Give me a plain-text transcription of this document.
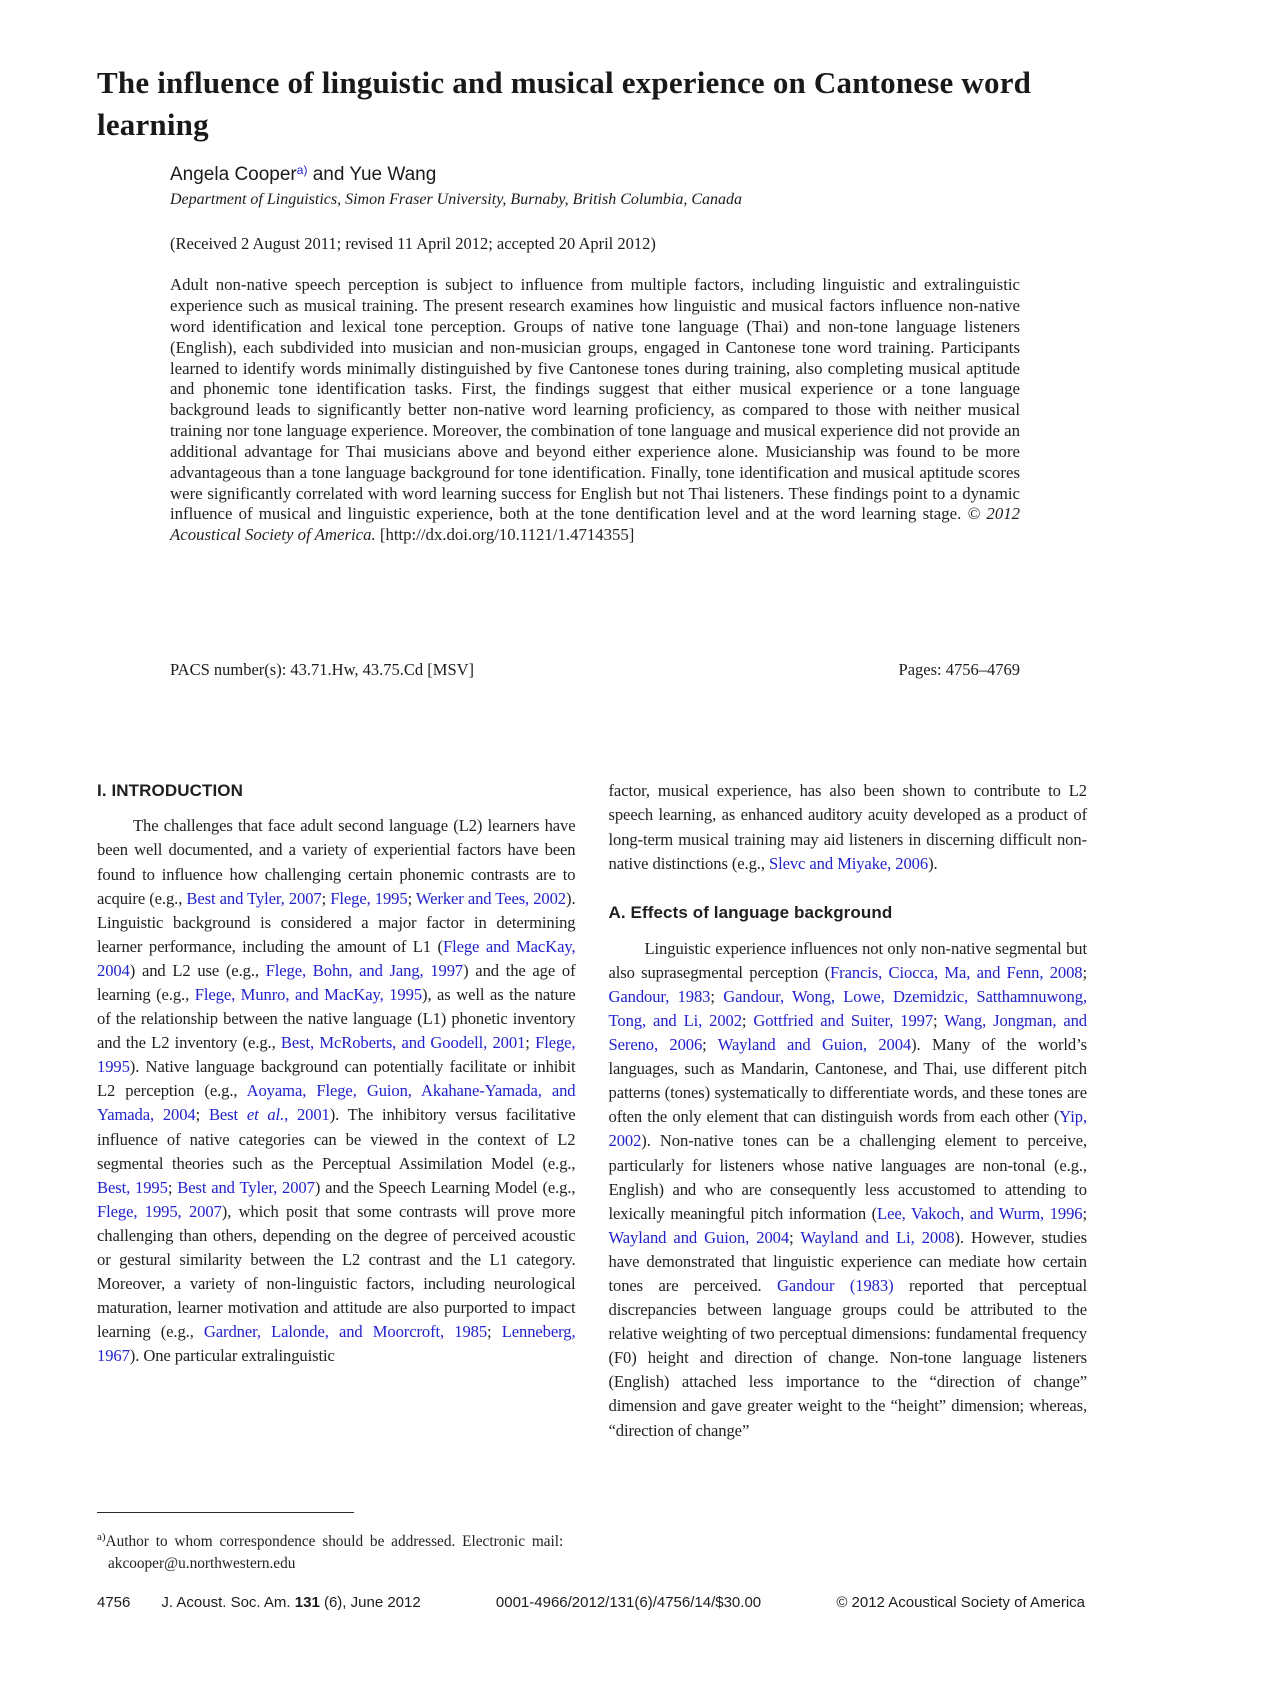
The influence of linguistic and musical experience on Cantonese word learning
Angela Cooper$^{a)}$ and Yue Wang
Department of Linguistics, Simon Fraser University, Burnaby, British Columbia, Canada
(Received 2 August 2011; revised 11 April 2012; accepted 20 April 2012)

Adult non-native speech perception is subject to influence from multiple factors, including linguistic and extralinguistic experience such as musical training. The present research examines how linguistic and musical factors influence non-native word identification and lexical tone perception. Groups of native tone language (Thai) and non-tone language listeners (English), each subdivided into musician and non-musician groups, engaged in Cantonese tone word training. Participants learned to identify words minimally distinguished by five Cantonese tones during training, also completing musical aptitude and phonemic tone identification tasks. First, the findings suggest that either musical experience or a tone language background leads to significantly better non-native word learning proficiency, as compared to those with neither musical training nor tone language experience. Moreover, the combination of tone language and musical experience did not provide an additional advantage for Thai musicians above and beyond either experience alone. Musicianship was found to be more advantageous than a tone language background for tone identification. Finally, tone identification and musical aptitude scores were significantly correlated with word learning success for English but not Thai listeners. These findings point to a dynamic influence of musical and linguistic experience, both at the tone dentification level and at the word learning stage. © 2012 Acoustical Society of America. [http://dx.doi.org/10.1121/1.4714355]

PACS number(s): 43.71.Hw, 43.75.Cd [MSV]	Pages: 4756–4769
I. INTRODUCTION

The challenges that face adult second language (L2) learners have been well documented, and a variety of experiential factors have been found to influence how challenging certain phonemic contrasts are to acquire (e.g., Best and Tyler, 2007; Flege, 1995; Werker and Tees, 2002). Linguistic background is considered a major factor in determining learner performance, including the amount of L1 (Flege and MacKay, 2004) and L2 use (e.g., Flege, Bohn, and Jang, 1997) and the age of learning (e.g., Flege, Munro, and MacKay, 1995), as well as the nature of the relationship between the native language (L1) phonetic inventory and the L2 inventory (e.g., Best, McRoberts, and Goodell, 2001; Flege, 1995). Native language background can potentially facilitate or inhibit L2 perception (e.g., Aoyama, Flege, Guion, Akahane-Yamada, and Yamada, 2004; Best et al., 2001). The inhibitory versus facilitative influence of native categories can be viewed in the context of L2 segmental theories such as the Perceptual Assimilation Model (e.g., Best, 1995; Best and Tyler, 2007) and the Speech Learning Model (e.g., Flege, 1995, 2007), which posit that some contrasts will prove more challenging than others, depending on the degree of perceived acoustic or gestural similarity between the L2 contrast and the L1 category. Moreover, a variety of non-linguistic factors, including neurological maturation, learner motivation and attitude are also purported to impact learning (e.g., Gardner, Lalonde, and Moorcroft, 1985; Lenneberg, 1967). One particular extralinguistic

$^{a)}$Author to whom correspondence should be addressed. Electronic mail:
akcooper@u.northwestern.edu

factor, musical experience, has also been shown to contribute to L2 speech learning, as enhanced auditory acuity developed as a product of long-term musical training may aid listeners in discerning difficult non-native distinctions (e.g., Slevc and Miyake, 2006).

A. Effects of language background

Linguistic experience influences not only non-native segmental but also suprasegmental perception (Francis, Ciocca, Ma, and Fenn, 2008; Gandour, 1983; Gandour, Wong, Lowe, Dzemidzic, Satthamnuwong, Tong, and Li, 2002; Gottfried and Suiter, 1997; Wang, Jongman, and Sereno, 2006; Wayland and Guion, 2004). Many of the world’s languages, such as Mandarin, Cantonese, and Thai, use different pitch patterns (tones) systematically to differentiate words, and these tones are often the only element that can distinguish words from each other (Yip, 2002). Non-native tones can be a challenging element to perceive, particularly for listeners whose native languages are non-tonal (e.g., English) and who are consequently less accustomed to attending to lexically meaningful pitch information (Lee, Vakoch, and Wurm, 1996; Wayland and Guion, 2004; Wayland and Li, 2008). However, studies have demonstrated that linguistic experience can mediate how certain tones are perceived. Gandour (1983) reported that perceptual discrepancies between language groups could be attributed to the relative weighting of two perceptual dimensions: fundamental frequency (F0) height and direction of change. Non-tone language listeners (English) attached less importance to the “direction of change” dimension and gave greater weight to the “height” dimension; whereas, “direction of change”

4756 J. Acoust. Soc. Am. 131 (6), June 2012	0001-4966/2012/131(6)/4756/14/$30.00	© 2012 Acoustical Society of America
